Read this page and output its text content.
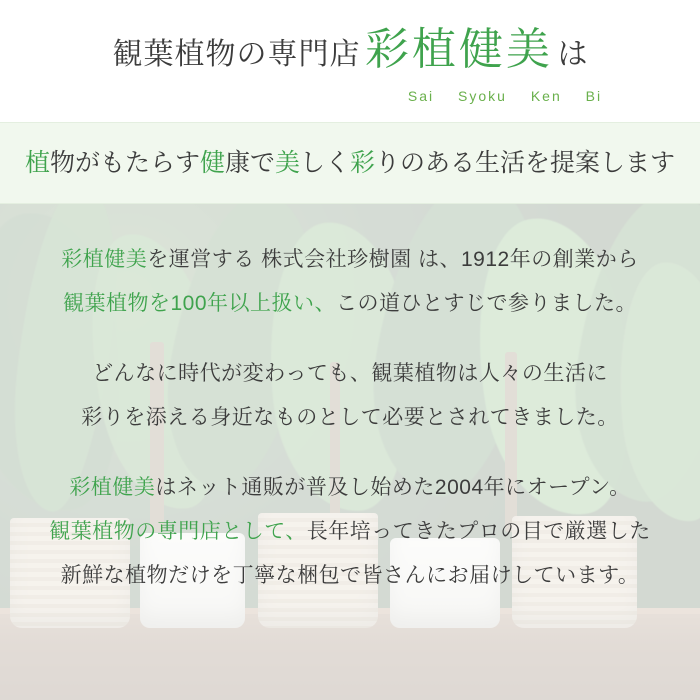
観葉植物の専門店 彩植健美 は
Sai Syoku Ken Bi
植物がもたらす健康で美しく彩りのある生活を提案します
彩植健美を運営する 株式会社珍樹園 は、1912年の創業から
観葉植物を100年以上扱い、この道ひとすじで参りました。
どんなに時代が変わっても、観葉植物は人々の生活に
彩りを添える身近なものとして必要とされてきました。
彩植健美はネット通販が普及し始めた2004年にオープン。
観葉植物の専門店として、長年培ってきたプロの目で厳選した
新鮮な植物だけを丁寧な梱包で皆さんにお届けしています。
